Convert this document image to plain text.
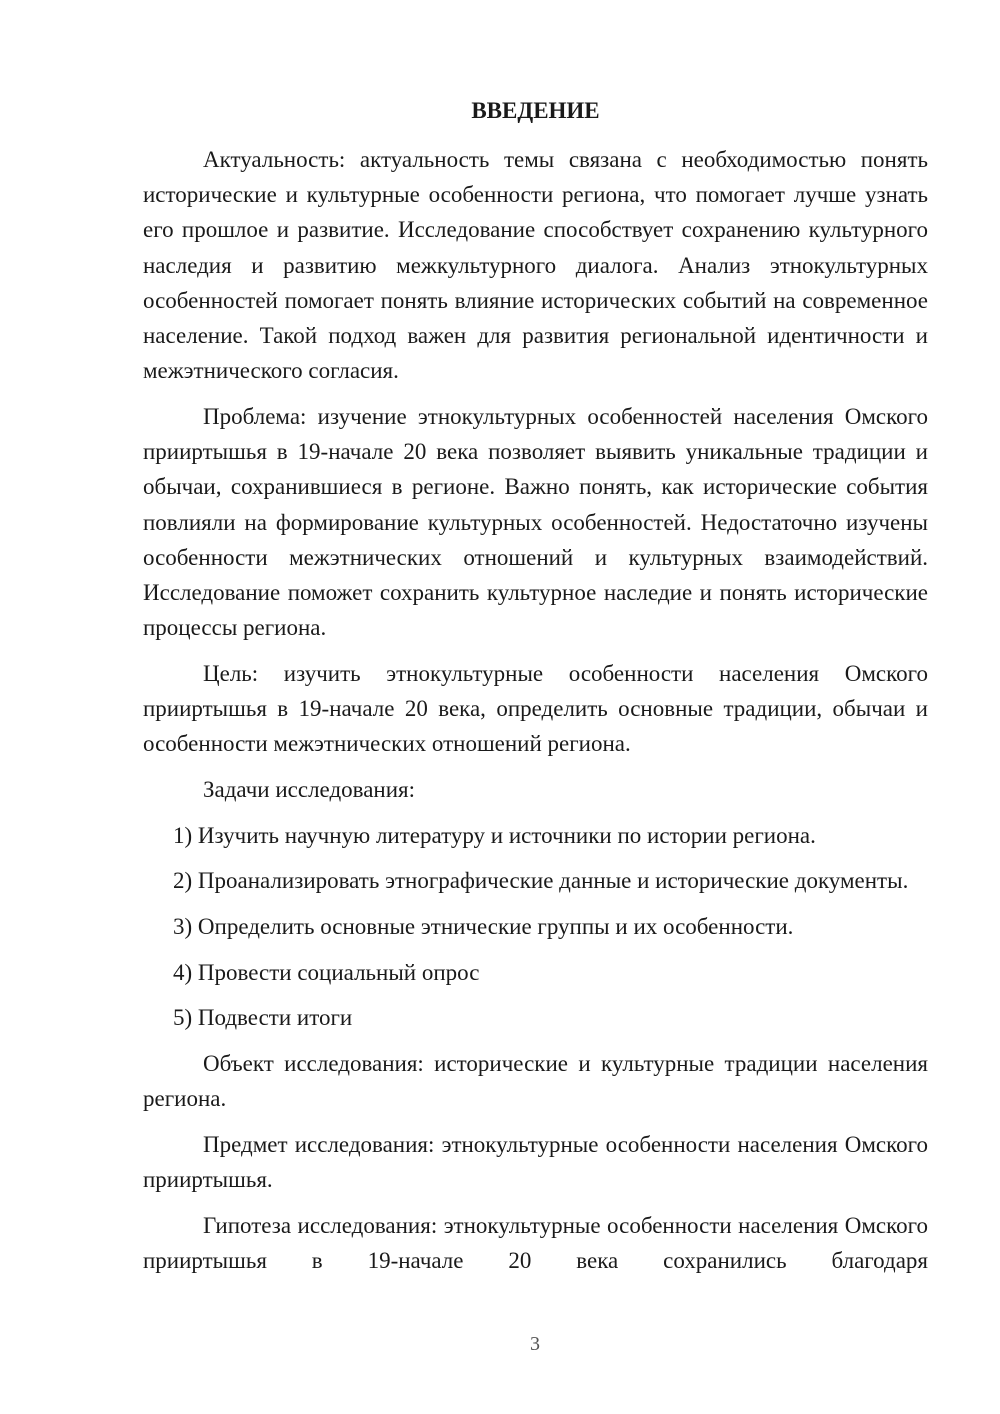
ВВЕДЕНИЕ

Актуальность: актуальность темы связана с необходимостью понять исторические и культурные особенности региона, что помогает лучше узнать его прошлое и развитие. Исследование способствует сохранению культурного наследия и развитию межкультурного диалога. Анализ этнокультурных особенностей помогает понять влияние исторических событий на современное население. Такой подход важен для развития региональной идентичности и межэтнического согласия.

Проблема: изучение этнокультурных особенностей населения Омского прииртышья в 19-начале 20 века позволяет выявить уникальные традиции и обычаи, сохранившиеся в регионе. Важно понять, как исторические события повлияли на формирование культурных особенностей. Недостаточно изучены особенности межэтнических отношений и культурных взаимодействий. Исследование поможет сохранить культурное наследие и понять исторические процессы региона.

Цель: изучить этнокультурные особенности населения Омского прииртышья в 19-начале 20 века, определить основные традиции, обычаи и особенности межэтнических отношений региона.

Задачи исследования:

1) Изучить научную литературу и источники по истории региона.

2) Проанализировать этнографические данные и исторические документы.

3) Определить основные этнические группы и их особенности.

4) Провести социальный опрос

5) Подвести итоги

Объект исследования: исторические и культурные традиции населения региона.

Предмет исследования: этнокультурные особенности населения Омского прииртышья.

Гипотеза исследования: этнокультурные особенности населения Омского прииртышья в 19-начале 20 века сохранились благодаря

3
